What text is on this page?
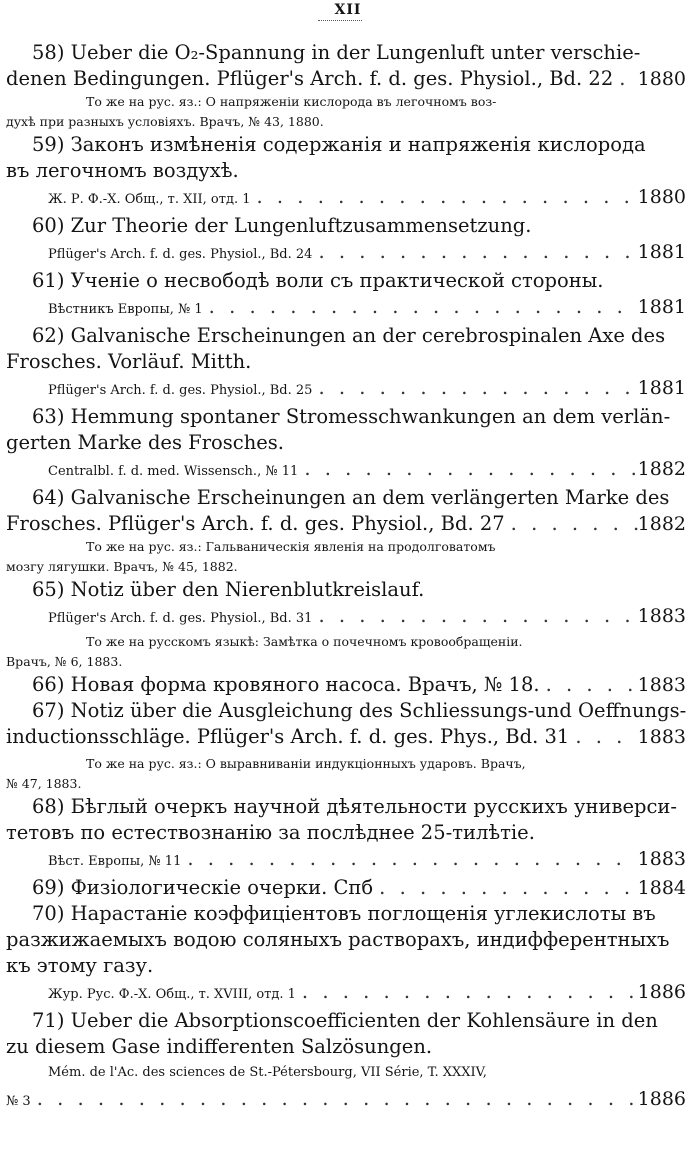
XII
58) Ueber die O₂-Spannung in der Lungenluft unter verschie-
denen Bedingungen. Pflüger's Arch. f. d. ges. Physiol., Bd. 22 . . . 1880
То же на рус. яз.: О напряженіи кислорода въ легочномъ воз-
духѣ при разныхъ условіяхъ. Врачъ, № 43, 1880.
59) Законъ измѣненія содержанія и напряженія кислорода
въ легочномъ воздухѣ.
Ж. Р. Ф.-Х. Общ., т. XII, отд. 1 . . .	1880
60) Zur Theorie der Lungenluftzusammensetzung.
Pflüger's Arch. f. d. ges. Physiol., Bd. 24 . . .	1881
61) Ученіе о несвободѣ воли съ практической стороны.
Вѣстникъ Европы, № 1 . . .	1881
62) Galvanische Erscheinungen an der cerebrospinalen Axe des
Frosches. Vorläuf. Mitth.
Pflüger's Arch. f. d. ges. Physiol., Bd. 25 . . .	1881
63) Hemmung spontaner Stromesschwankungen an dem verlän-
gerten Marke des Frosches.
Centralbl. f. d. med. Wissensch., № 11 . . .	1882
64) Galvanische Erscheinungen an dem verlängerten Marke des
Frosches. Pflüger's Arch. f. d. ges. Physiol., Bd. 27 . . .	1882
То же на рус. яз.: Гальваническія явленія на продолговатомъ
мозгу лягушки. Врачъ, № 45, 1882.
65) Notiz über den Nierenblutkreislauf.
Pflüger's Arch. f. d. ges. Physiol., Bd. 31 . . .	1883
То же на русскомъ языкѣ: Замѣтка о почечномъ кровообращеніи.
Врачъ, № 6, 1883.
66) Новая форма кровяного насоса. Врачъ, № 18. . . .	1883
67) Notiz über die Ausgleichung des Schliessungs-und Oeffnungs-
inductionsschläge. Pflüger's Arch. f. d. ges. Phys., Bd. 31 . . .	1883
То же на рус. яз.: О выравниваніи индукціонныхъ ударовъ. Врачъ,
№ 47, 1883.
68) Бѣглый очеркъ научной дѣятельности русскихъ универси-
тетовъ по естествознанію за послѣднее 25-тилѣтіе.
Вѣст. Европы, № 11 . . .	1883
69) Физіологическіе очерки. Спб . . .	1884
70) Нарастаніе коэффиціентовъ поглощенія углекислоты въ
разжижаемыхъ водою соляныхъ растворахъ, индифферентныхъ
къ этому газу.
Жур. Рус. Ф.-Х. Общ., т. XVIII, отд. 1 . . .	1886
71) Ueber die Absorptionscoefficienten der Kohlensäure in den
zu diesem Gase indifferenten Salzösungen.
Mém. de l'Ac. des sciences de St.-Pétersbourg, VII Série, T. XXXIV,
№ 3 . . .	1886
